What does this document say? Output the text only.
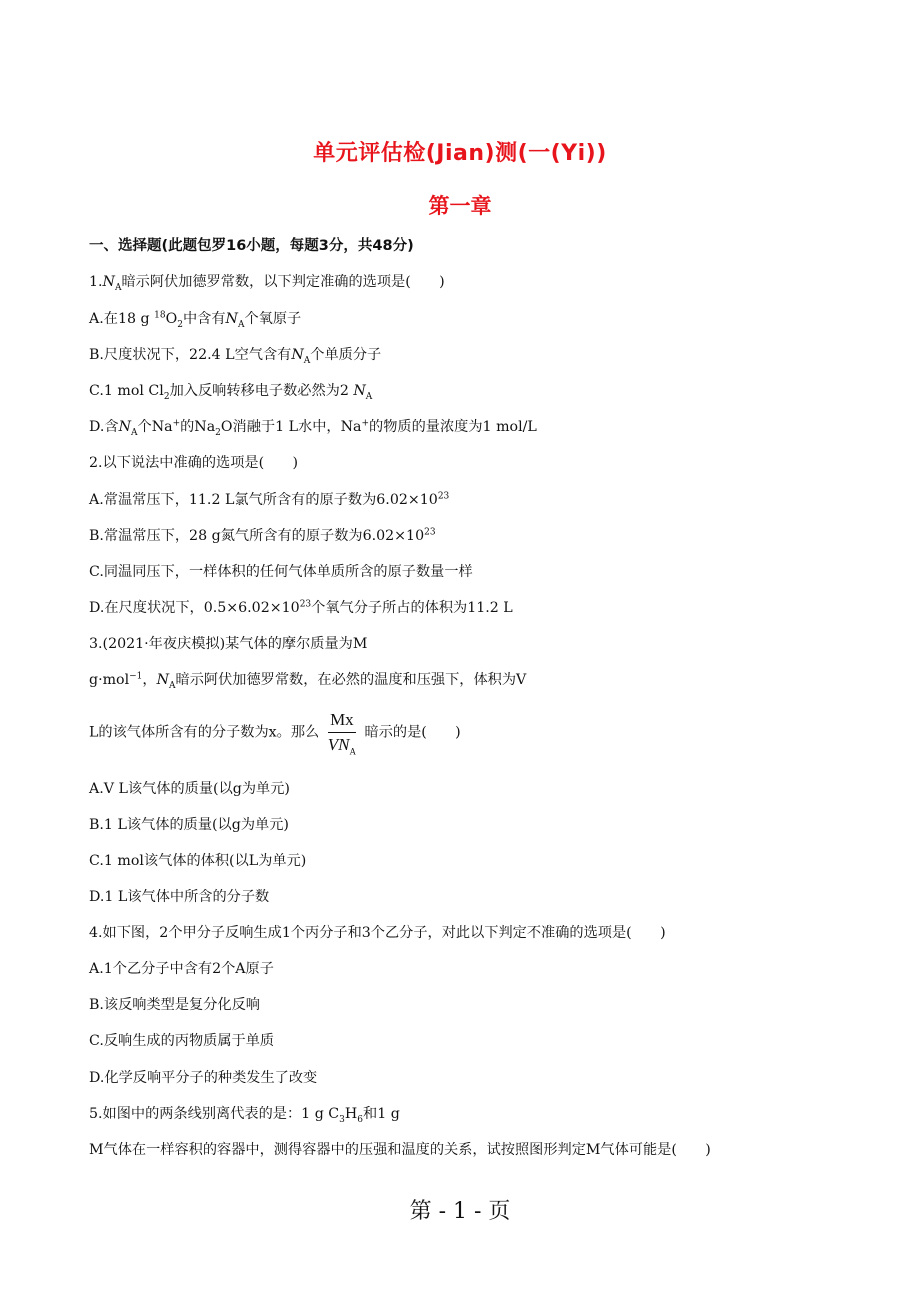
单元评估检(Jian)测(一(Yi))
第一章
一、选择题(此题包罗16小题，每题3分，共48分)
$1.N_A$暗示阿伏加德罗常数，以下判定准确的选项是(　　)
A.在18 g $^{18}O_2$中含有$N_A$个氧原子
B.尺度状况下，22.4 L空气含有$N_A$个单质分子
C.1 mol $Cl_2$加入反响转移电子数必然为2 $N_A$
D.含$N_A$个Na+的$Na_2O$消融于1 L水中，Na+的物质的量浓度为1 mol/L
2.以下说法中准确的选项是(　　)
A.常温常压下，11.2 L氯气所含有的原子数为$6.02\times 10^{23}$
B.常温常压下，28 g氮气所含有的原子数为$6.02\times 10^{23}$
C.同温同压下，一样体积的任何气体单质所含的原子数量一样
D.在尺度状况下，$0.5\times 6.02\times 10^{23}$个氧气分子所占的体积为11.2 L
3.(2021·年夜庆模拟)某气体的摩尔质量为M
g·mol$^{-1}$，$N_A$暗示阿伏加德罗常数，在必然的温度和压强下，体积为V
L的该气体所含有的分子数为x。那么 $\frac{Mx}{VN_A}$ 暗示的是(　　)
A.V L该气体的质量(以g为单元)
B.1 L该气体的质量(以g为单元)
C.1 mol该气体的体积(以L为单元)
D.1 L该气体中所含的分子数
4.如下图，2个甲分子反响生成1个丙分子和3个乙分子，对此以下判定不准确的选项是(　　)
A.1个乙分子中含有2个A原子
B.该反响类型是复分化反响
C.反响生成的丙物质属于单质
D.化学反响平分子的种类发生了改变
5.如图中的两条线别离代表的是：1 g $C_3H_6$和1 g
M气体在一样容积的容器中，测得容器中的压强和温度的关系，试按照图形判定M气体可能是(　　)
第 - 1 - 页
